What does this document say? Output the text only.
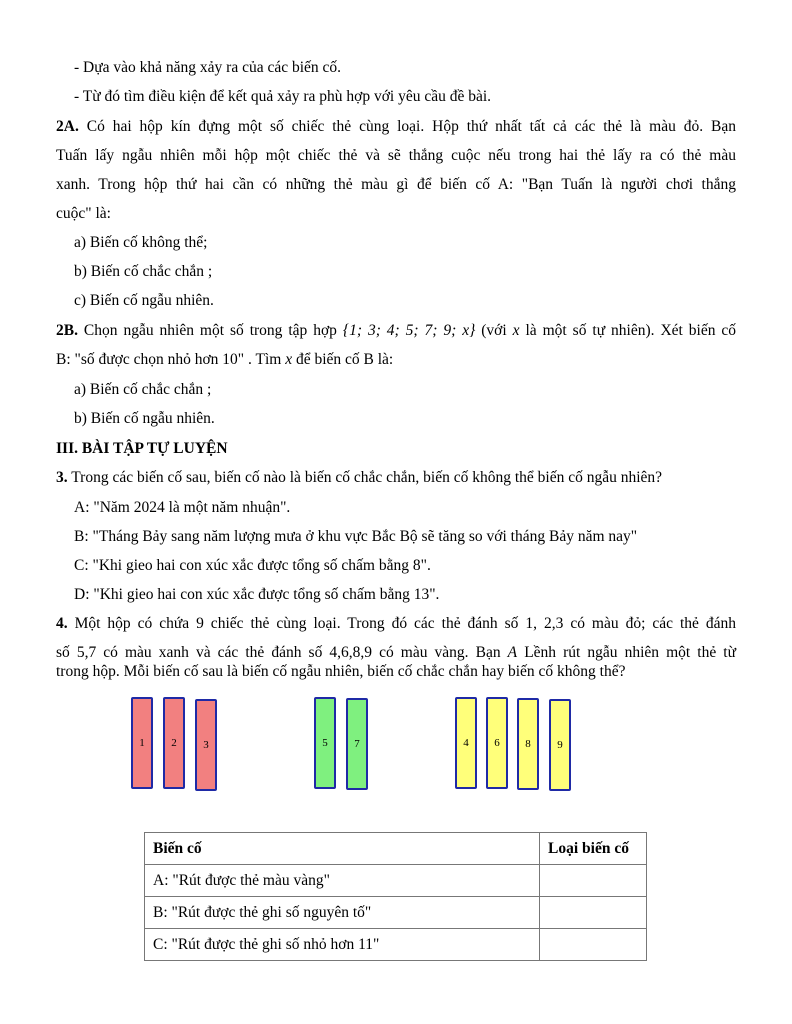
- Dựa vào khả năng xảy ra của các biến cố.
- Từ đó tìm điều kiện để kết quả xảy ra phù hợp với yêu cầu đề bài.
2A. Có hai hộp kín đựng một số chiếc thẻ cùng loại. Hộp thứ nhất tất cả các thẻ là màu đỏ. Bạn
Tuấn lấy ngẫu nhiên mỗi hộp một chiếc thẻ và sẽ thắng cuộc nếu trong hai thẻ lấy ra có thẻ màu
xanh. Trong hộp thứ hai cần có những thẻ màu gì để biến cố A: "Bạn Tuấn là người chơi thắng
cuộc" là:
a) Biến cố không thể;
b) Biến cố chắc chắn ;
c) Biến cố ngẫu nhiên.
2B. Chọn ngẫu nhiên một số trong tập hợp {1; 3; 4; 5; 7; 9; x} (với x là một số tự nhiên). Xét biến cố
B: "số được chọn nhỏ hơn 10" . Tìm x để biến cố B là:
a) Biến cố chắc chắn ;
b) Biến cố ngẫu nhiên.
III. BÀI TẬP TỰ LUYỆN
3. Trong các biến cố sau, biến cố nào là biến cố chắc chắn, biến cố không thể biến cố ngẫu nhiên?
A: "Năm 2024 là một năm nhuận".
B: "Tháng Bảy sang năm lượng mưa ở khu vực Bắc Bộ sẽ tăng so với tháng Bảy năm nay"
C: "Khi gieo hai con xúc xắc được tổng số chấm bằng 8".
D: "Khi gieo hai con xúc xắc được tổng số chấm bằng 13".
4. Một hộp có chứa 9 chiếc thẻ cùng loại. Trong đó các thẻ đánh số 1, 2,3 có màu đỏ; các thẻ đánh
số 5,7 có màu xanh và các thẻ đánh số 4,6,8,9 có màu vàng. Bạn A Lềnh rút ngẫu nhiên một thẻ từ
trong hộp. Mỗi biến cố sau là biến cố ngẫu nhiên, biến cố chắc chắn hay biến cố không thể?
1	2	3	5	7	4	6	8	9
Biến cố	Loại biến cố
A: "Rút được thẻ màu vàng"	
B: "Rút được thẻ ghi số nguyên tố"	
C: "Rút được thẻ ghi số nhỏ hơn 11"	
